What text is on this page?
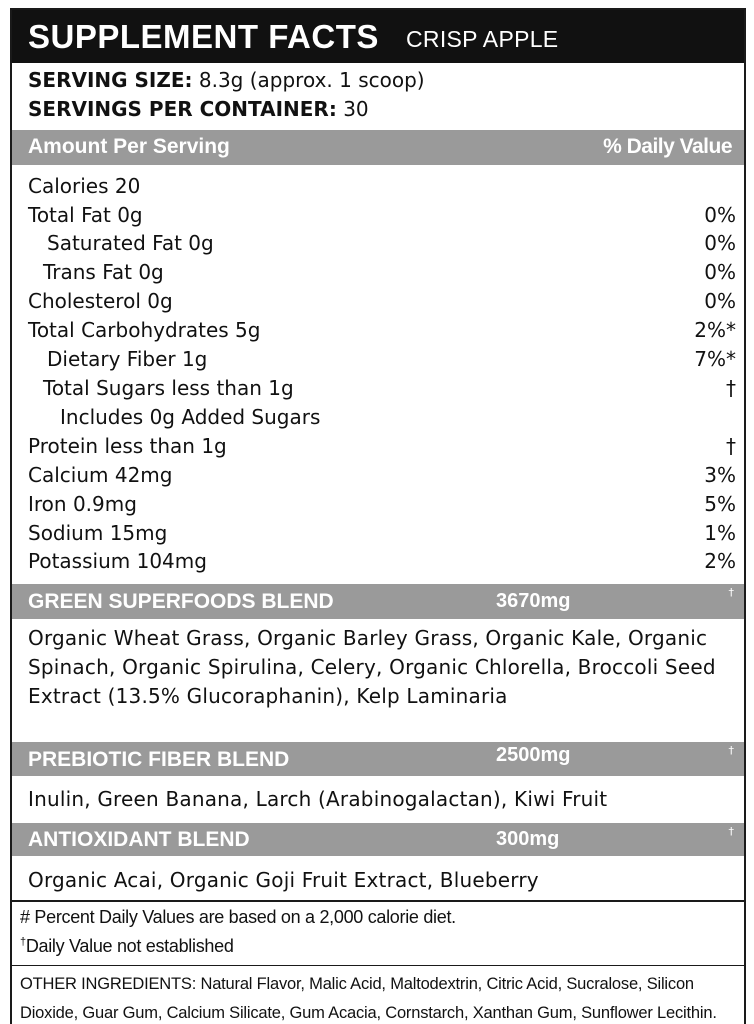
SUPPLEMENT FACTS CRISP APPLE
SERVING SIZE: 8.3g (approx. 1 scoop)
SERVINGS PER CONTAINER: 30
Amount Per Serving	% Daily Value
Calories 20
Total Fat 0g	0%
Saturated Fat 0g	0%
Trans Fat 0g	0%
Cholesterol 0g	0%
Total Carbohydrates 5g	2%*
Dietary Fiber 1g	7%*
Total Sugars less than 1g	†
Includes 0g Added Sugars
Protein less than 1g	†
Calcium 42mg	3%
Iron 0.9mg	5%
Sodium 15mg	1%
Potassium 104mg	2%
GREEN SUPERFOODS BLEND	3670mg	†
Organic Wheat Grass, Organic Barley Grass, Organic Kale, Organic Spinach, Organic Spirulina, Celery, Organic Chlorella, Broccoli Seed Extract (13.5% Glucoraphanin), Kelp Laminaria
PREBIOTIC FIBER BLEND	2500mg	†
Inulin, Green Banana, Larch (Arabinogalactan), Kiwi Fruit
ANTIOXIDANT BLEND	300mg	†
Organic Acai, Organic Goji Fruit Extract, Blueberry
# Percent Daily Values are based on a 2,000 calorie diet.
†Daily Value not established
OTHER INGREDIENTS: Natural Flavor, Malic Acid, Maltodextrin, Citric Acid, Sucralose, Silicon Dioxide, Guar Gum, Calcium Silicate, Gum Acacia, Cornstarch, Xanthan Gum, Sunflower Lecithin.
